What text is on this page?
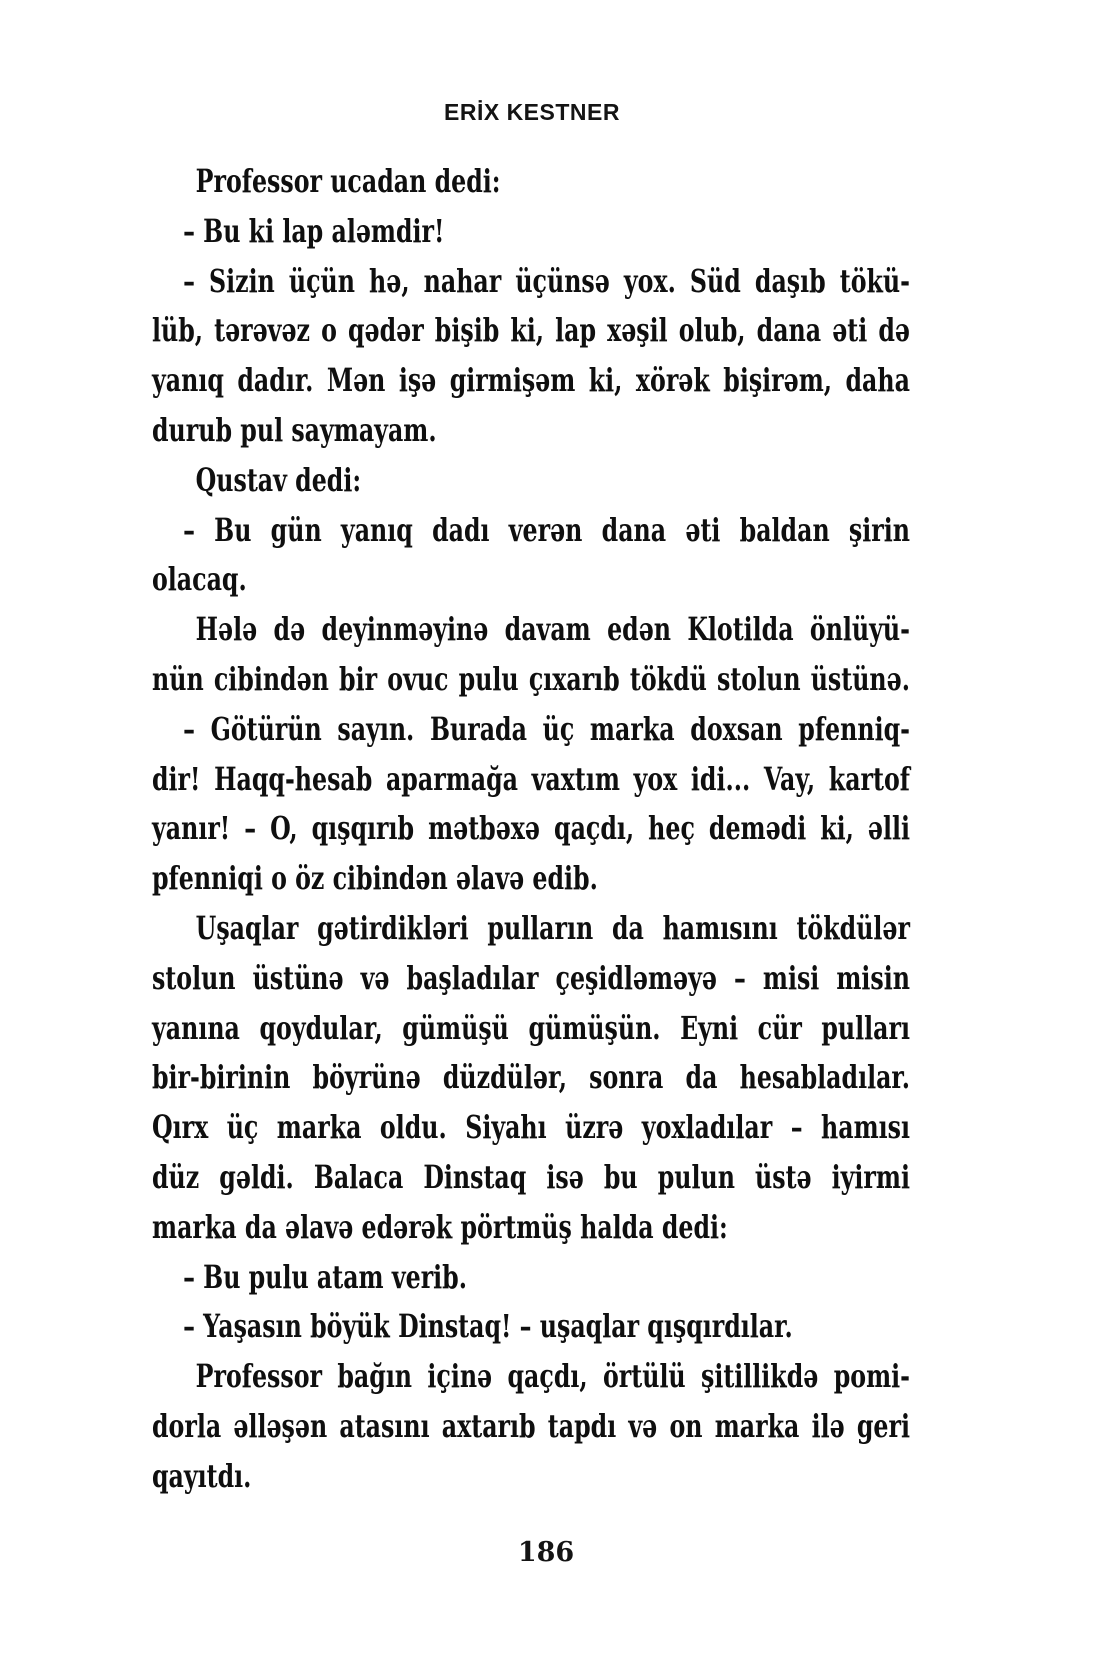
ERİX KESTNER
Professor ucadan dedi:
– Bu ki lap aləmdir!
– Sizin üçün hə, nahar üçünsə yox. Süd daşıb tökü-
lüb, tərəvəz o qədər bişib ki, lap xəşil olub, dana əti də
yanıq dadır. Mən işə girmişəm ki, xörək bişirəm, daha
durub pul saymayam.
Qustav dedi:
– Bu gün yanıq dadı verən dana əti baldan şirin
olacaq.
Hələ də deyinməyinə davam edən Klotilda önlüyü-
nün cibindən bir ovuc pulu çıxarıb tökdü stolun üstünə.
– Götürün sayın. Burada üç marka doxsan pfenniq-
dir! Haqq-hesab aparmağa vaxtım yox idi... Vay, kartof
yanır! – O, qışqırıb mətbəxə qaçdı, heç demədi ki, əlli
pfenniqi o öz cibindən əlavə edib.
Uşaqlar gətirdikləri pulların da hamısını tökdülər
stolun üstünə və başladılar çeşidləməyə – misi misin
yanına qoydular, gümüşü gümüşün. Eyni cür pulları
bir-birinin böyrünə düzdülər, sonra da hesabladılar.
Qırx üç marka oldu. Siyahı üzrə yoxladılar – hamısı
düz gəldi. Balaca Dinstaq isə bu pulun üstə iyirmi
marka da əlavə edərək pörtmüş halda dedi:
– Bu pulu atam verib.
– Yaşasın böyük Dinstaq! – uşaqlar qışqırdılar.
Professor bağın içinə qaçdı, örtülü şitillikdə pomi-
dorla əlləşən atasını axtarıb tapdı və on marka ilə geri
qayıtdı.
186
